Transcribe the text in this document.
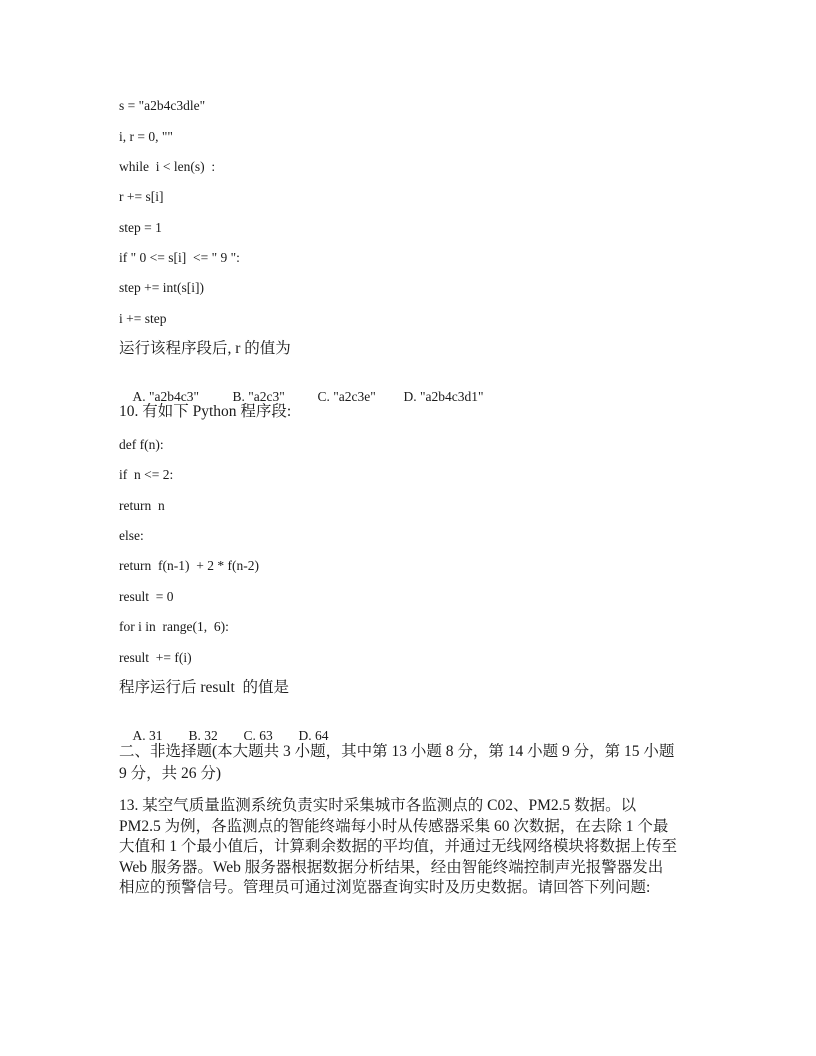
s = "a2b4c3dle"
i, r = 0, ""
while  i < len(s)  :
r += s[i]
step = 1
if " 0 <= s[i]  <= " 9 ":
step += int(s[i])
i += step
运行该程序段后, r 的值为

A. "a2b4c3" B. "a2c3" C. "a2c3e" D. "a2b4c3d1"

10. 有如下 Python 程序段:
def f(n):
if  n <= 2:
return  n
else:
return  f(n-1)  + 2 * f(n-2)
result  = 0
for i in  range(1,  6):
result  += f(i)
程序运行后 result  的值是

A. 31 B. 32 C. 63 D. 64

二、非选择题(本大题共 3 小题，其中第 13 小题 8 分，第 14 小题 9 分，第 15 小题
9 分，共 26 分)
13. 某空气质量监测系统负责实时采集城市各监测点的 C02、PM2.5 数据。以
PM2.5 为例，各监测点的智能终端每小时从传感器采集 60 次数据，在去除 1 个最
大值和 1 个最小值后，计算剩余数据的平均值，并通过无线网络模块将数据上传至
Web 服务器。Web 服务器根据数据分析结果，经由智能终端控制声光报警器发出
相应的预警信号。管理员可通过浏览器查询实时及历史数据。请回答下列问题:
